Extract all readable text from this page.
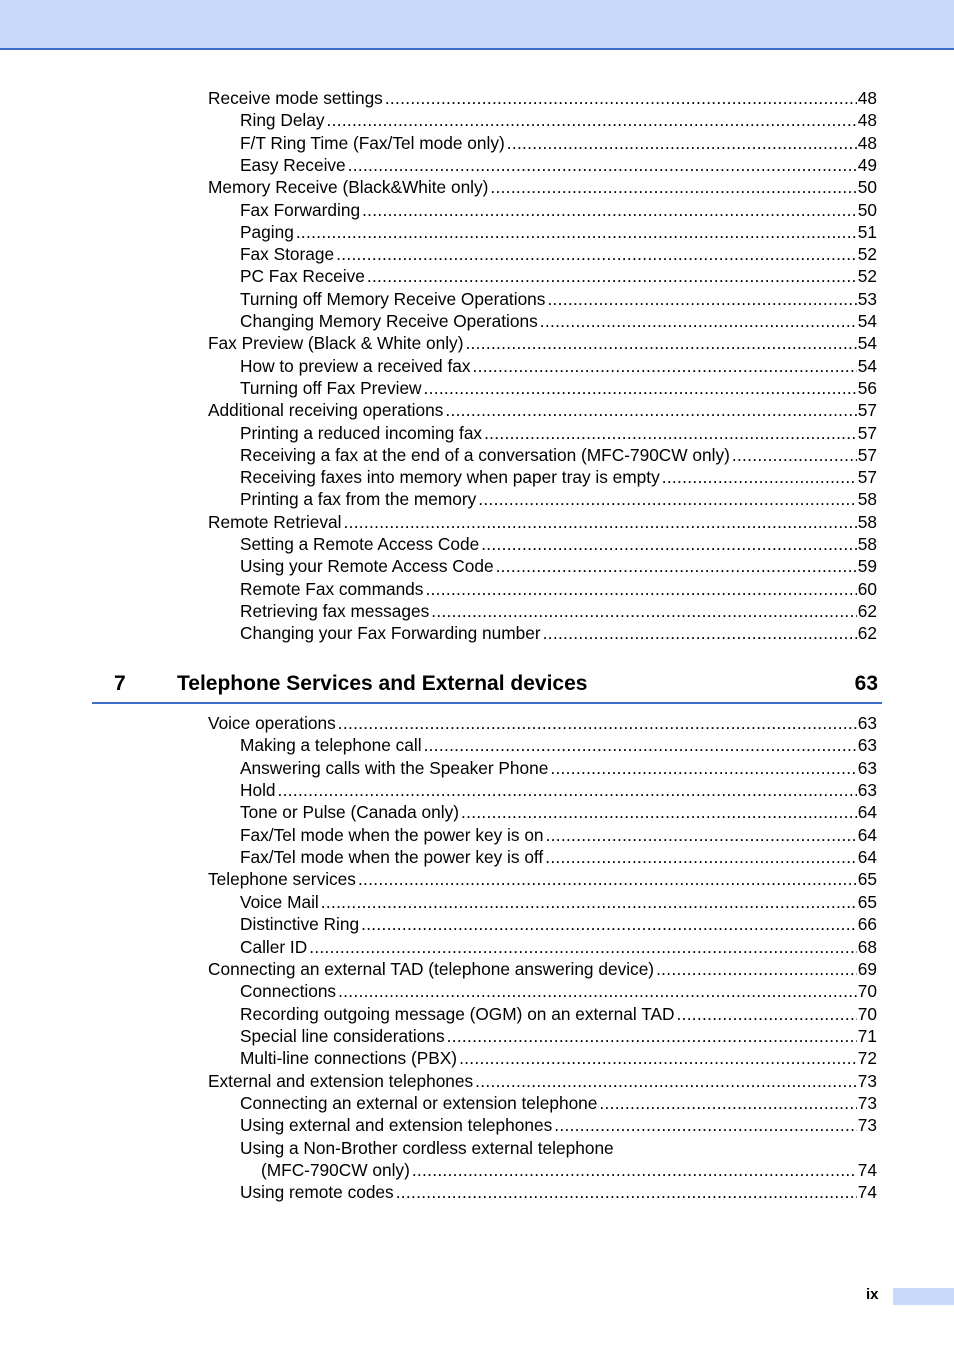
Receive mode settings .....	48
Ring Delay .....	48
F/T Ring Time (Fax/Tel mode only) .....	48
Easy Receive .....	49
Memory Receive (Black&White only) .....	50
Fax Forwarding .....	50
Paging .....	51
Fax Storage .....	52
PC Fax Receive .....	52
Turning off Memory Receive Operations .....	53
Changing Memory Receive Operations .....	54
Fax Preview (Black & White only) .....	54
How to preview a received fax .....	54
Turning off Fax Preview .....	56
Additional receiving operations .....	57
Printing a reduced incoming fax .....	57
Receiving a fax at the end of a conversation (MFC-790CW only) .....	57
Receiving faxes into memory when paper tray is empty .....	57
Printing a fax from the memory .....	58
Remote Retrieval .....	58
Setting a Remote Access Code .....	58
Using your Remote Access Code .....	59
Remote Fax commands .....	60
Retrieving fax messages .....	62
Changing your Fax Forwarding number .....	62
7 Telephone Services and External devices	63
Voice operations .....	63
Making a telephone call .....	63
Answering calls with the Speaker Phone .....	63
Hold .....	63
Tone or Pulse (Canada only) .....	64
Fax/Tel mode when the power key is on .....	64
Fax/Tel mode when the power key is off .....	64
Telephone services .....	65
Voice Mail .....	65
Distinctive Ring .....	66
Caller ID .....	68
Connecting an external TAD (telephone answering device) .....	69
Connections .....	70
Recording outgoing message (OGM) on an external TAD .....	70
Special line considerations .....	71
Multi-line connections (PBX) .....	72
External and extension telephones .....	73
Connecting an external or extension telephone .....	73
Using external and extension telephones .....	73
Using a Non-Brother cordless external telephone
(MFC-790CW only) .....	74
Using remote codes .....	74
ix
